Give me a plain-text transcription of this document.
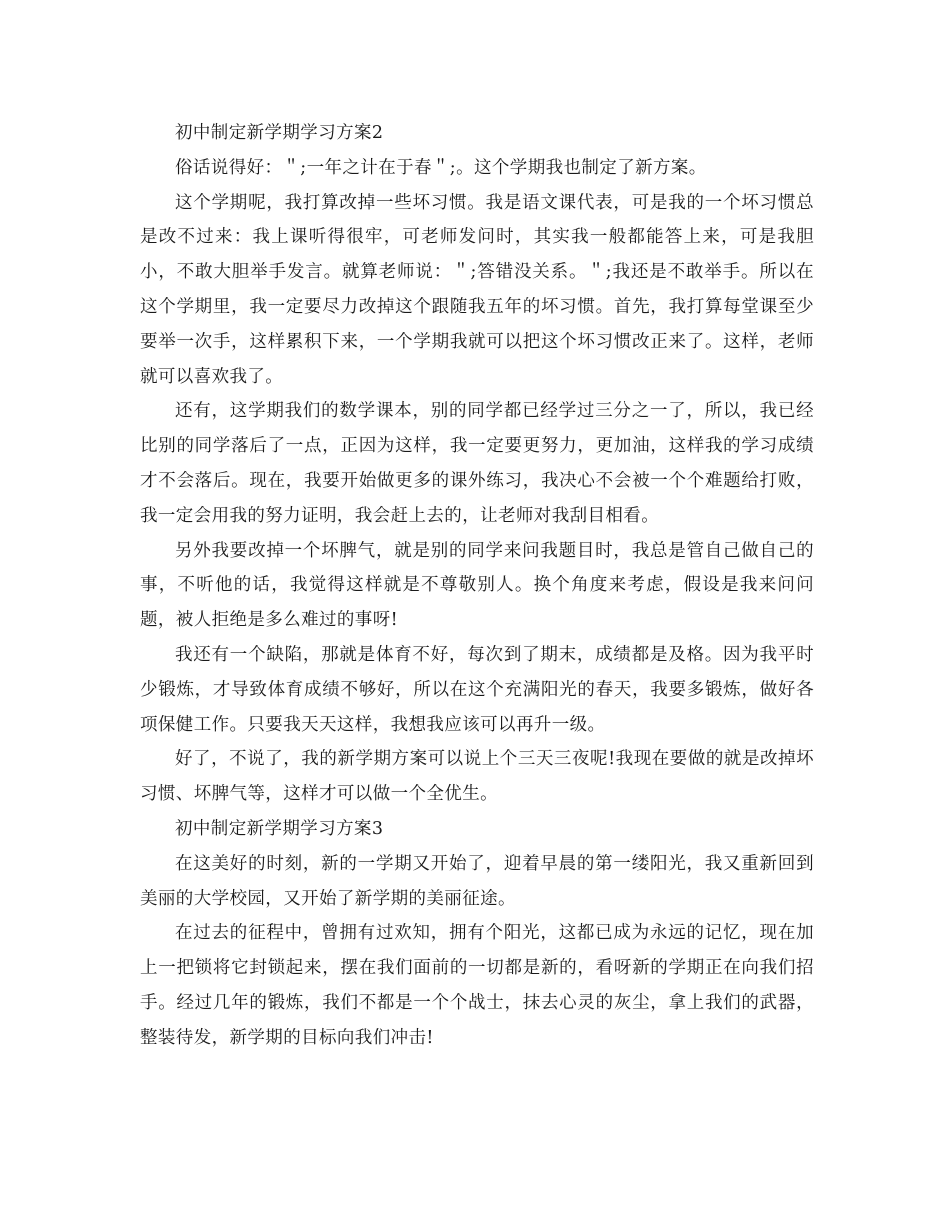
初中制定新学期学习方案2

俗话说得好：＂;一年之计在于春＂;。这个学期我也制定了新方案。

这个学期呢，我打算改掉一些坏习惯。我是语文课代表，可是我的一个坏习惯总是改不过来：我上课听得很牢，可老师发问时，其实我一般都能答上来，可是我胆小，不敢大胆举手发言。就算老师说：＂;答错没关系。＂;我还是不敢举手。所以在这个学期里，我一定要尽力改掉这个跟随我五年的坏习惯。首先，我打算每堂课至少要举一次手，这样累积下来，一个学期我就可以把这个坏习惯改正来了。这样，老师就可以喜欢我了。

还有，这学期我们的数学课本，别的同学都已经学过三分之一了，所以，我已经比别的同学落后了一点，正因为这样，我一定要更努力，更加油，这样我的学习成绩才不会落后。现在，我要开始做更多的课外练习，我决心不会被一个个难题给打败，我一定会用我的努力证明，我会赶上去的，让老师对我刮目相看。

另外我要改掉一个坏脾气，就是别的同学来问我题目时，我总是管自己做自己的事，不听他的话，我觉得这样就是不尊敬别人。换个角度来考虑，假设是我来问问题，被人拒绝是多么难过的事呀!

我还有一个缺陷，那就是体育不好，每次到了期末，成绩都是及格。因为我平时少锻炼，才导致体育成绩不够好，所以在这个充满阳光的春天，我要多锻炼，做好各项保健工作。只要我天天这样，我想我应该可以再升一级。

好了，不说了，我的新学期方案可以说上个三天三夜呢!我现在要做的就是改掉坏习惯、坏脾气等，这样才可以做一个全优生。

初中制定新学期学习方案3

在这美好的时刻，新的一学期又开始了，迎着早晨的第一缕阳光，我又重新回到美丽的大学校园，又开始了新学期的美丽征途。

在过去的征程中，曾拥有过欢知，拥有个阳光，这都已成为永远的记忆，现在加上一把锁将它封锁起来，摆在我们面前的一切都是新的，看呀新的学期正在向我们招手。经过几年的锻炼，我们不都是一个个战士，抹去心灵的灰尘，拿上我们的武器，整装待发，新学期的目标向我们冲击!
